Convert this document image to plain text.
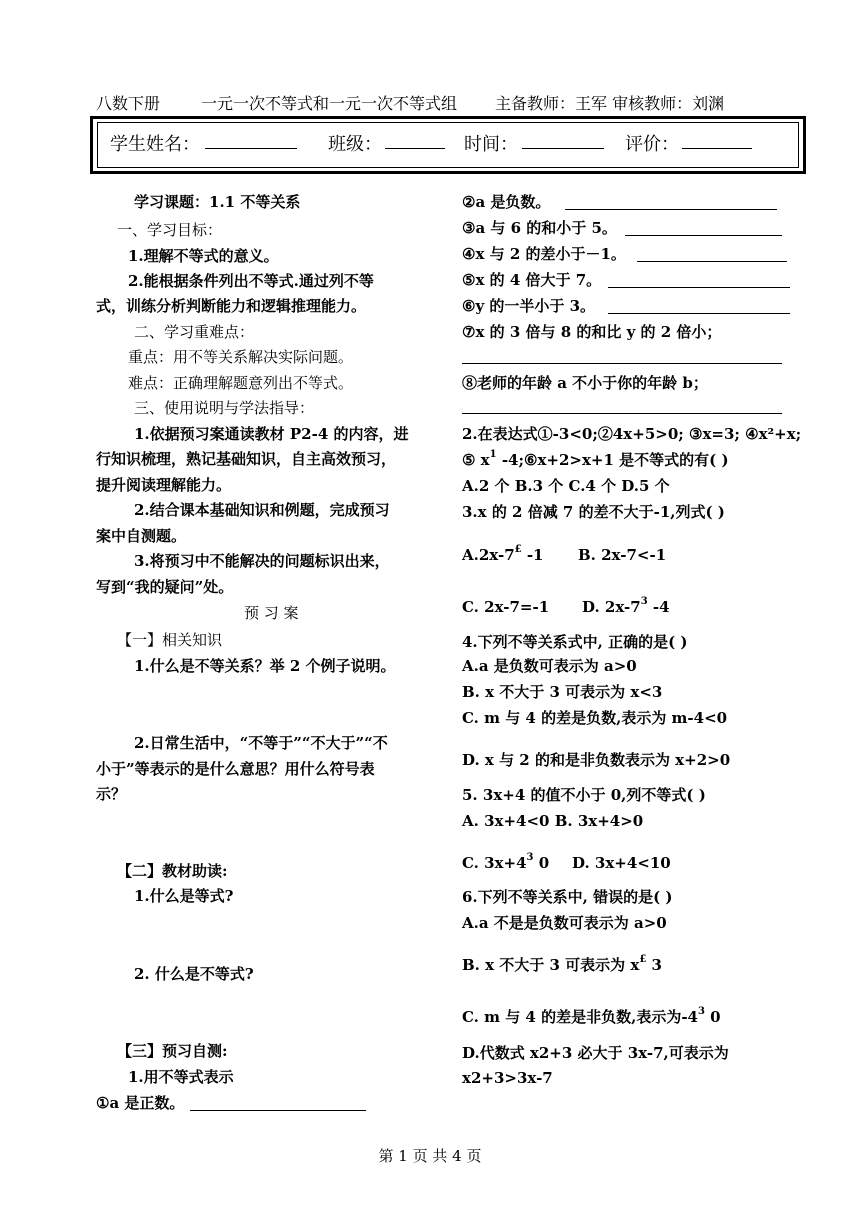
八数下册	一元一次不等式和一元一次不等式组 主备教师：王军 审核教师：刘渊
学生姓名：	班级：	时间：	评价：
学习课题：1.1 不等关系
一、学习目标：
1.理解不等式的意义。
2.能根据条件列出不等式.通过列不等
式，训练分析判断能力和逻辑推理能力。
二、学习重难点：
重点：用不等关系解决实际问题。
难点：正确理解题意列出不等式。
三、使用说明与学法指导：
1.依据预习案通读教材 P2-4 的内容，进
行知识梳理，熟记基础知识，自主高效预习，
提升阅读理解能力。
2.结合课本基础知识和例题，完成预习
案中自测题。
3.将预习中不能解决的问题标识出来，
写到“我的疑问”处。
预 习 案
【一】相关知识
1.什么是不等关系？举 2 个例子说明。
2.日常生活中，“不等于”“不大于”“不
小于”等表示的是什么意思？用什么符号表
示？
【二】教材助读:
1.什么是等式?
2. 什么是不等式?
【三】预习自测:
1.用不等式表示
①a 是正数。
②a 是负数。
③a 与 6 的和小于 5。
④x 与 2 的差小于－1。
⑤x 的 4 倍大于 7。
⑥y 的一半小于 3。
⑦x 的 3 倍与 8 的和比 y 的 2 倍小；
⑧老师的年龄 a 不小于你的年龄 b；
2.在表达式①-3<0;②4x+5>0; ③x=3; ④x²+x;
⑤ $x^1$ -4;⑥x+2>x+1 是不等式的有( )
A.2 个 B.3 个 C.4 个 D.5 个
3.x 的 2 倍减 7 的差不大于-1,列式( )
A.2x-7£ -1 B. 2x-7<-1
C. 2x-7=-1 D. $2x-7^3$ -4
4.下列不等关系式中, 正确的是( )
A.a 是负数可表示为 a>0
B. x 不大于 3 可表示为 x<3
C. m 与 4 的差是负数,表示为 m-4<0
D. x 与 2 的和是非负数表示为 x+2>0
5. 3x+4 的值不小于 0,列不等式( )
A. 3x+4<0 B. 3x+4>0
C. $3x+4^3$ 0 D. 3x+4<10
6.下列不等关系中, 错误的是( )
A.a 不是是负数可表示为 a>0
B. x 不大于 3 可表示为 x£ 3
C. m 与 4 的差是非负数,表示为$-4^3$ 0
D.代数式 x2+3 必大于 3x-7,可表示为
x2+3>3x-7
第 1 页 共 4 页
